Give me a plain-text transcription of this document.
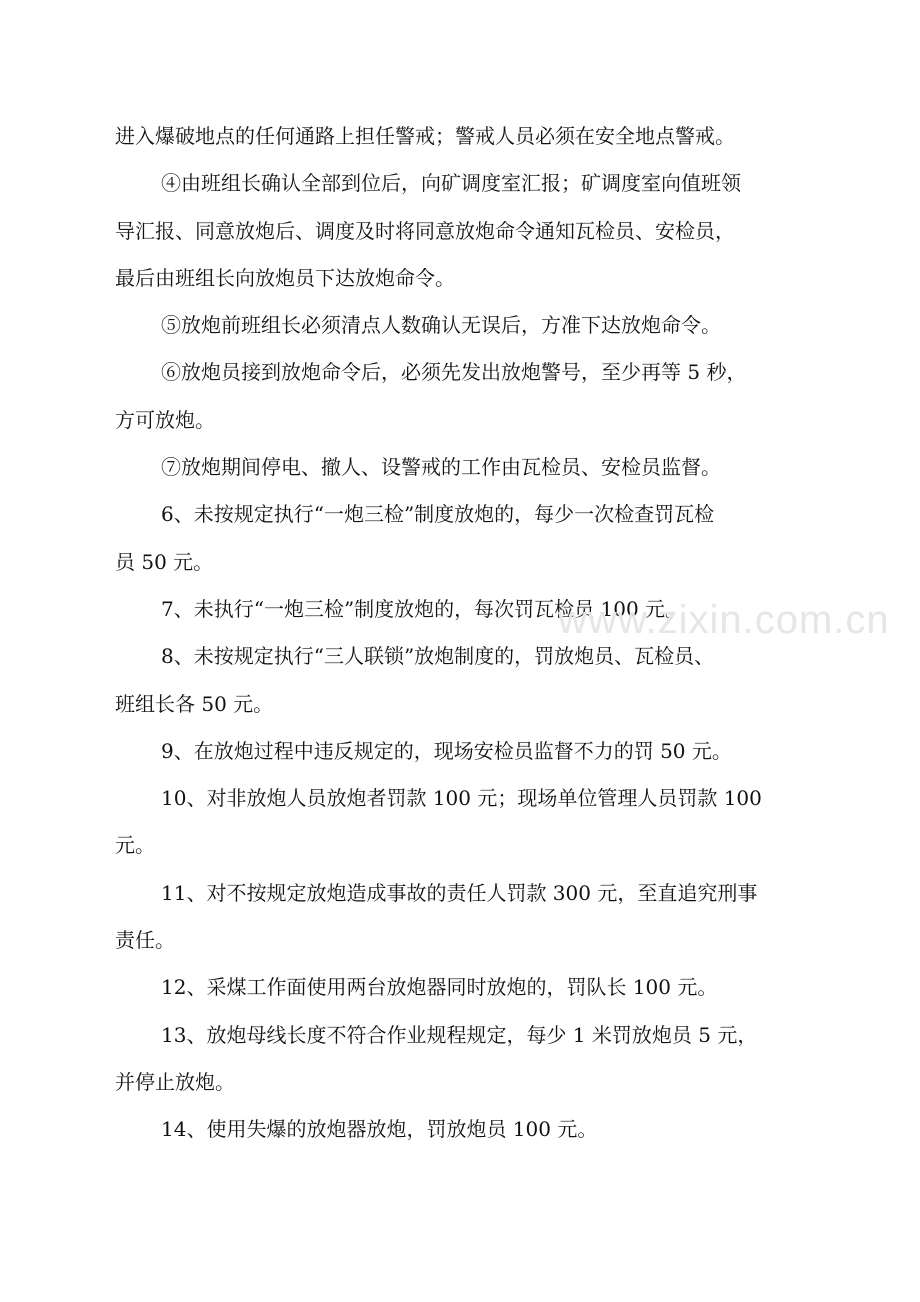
进入爆破地点的任何通路上担任警戒；警戒人员必须在安全地点警戒。
④由班组长确认全部到位后，向矿调度室汇报；矿调度室向值班领
导汇报、同意放炮后、调度及时将同意放炮命令通知瓦检员、安检员，
最后由班组长向放炮员下达放炮命令。
⑤放炮前班组长必须清点人数确认无误后，方准下达放炮命令。
⑥放炮员接到放炮命令后，必须先发出放炮警号，至少再等 5 秒，
方可放炮。
⑦放炮期间停电、撤人、设警戒的工作由瓦检员、安检员监督。
6、未按规定执行“一炮三检”制度放炮的，每少一次检查罚瓦检
员 50 元。
7、未执行“一炮三检”制度放炮的，每次罚瓦检员 100 元。
8、未按规定执行“三人联锁”放炮制度的，罚放炮员、瓦检员、
班组长各 50 元。
9、在放炮过程中违反规定的，现场安检员监督不力的罚 50 元。
10、对非放炮人员放炮者罚款 100 元；现场单位管理人员罚款 100
元。
11、对不按规定放炮造成事故的责任人罚款 300 元，至直追究刑事
责任。
12、采煤工作面使用两台放炮器同时放炮的，罚队长 100 元。
13、放炮母线长度不符合作业规程规定，每少 1 米罚放炮员 5 元，
并停止放炮。
14、使用失爆的放炮器放炮，罚放炮员 100 元。
www.zixin.com.cn
